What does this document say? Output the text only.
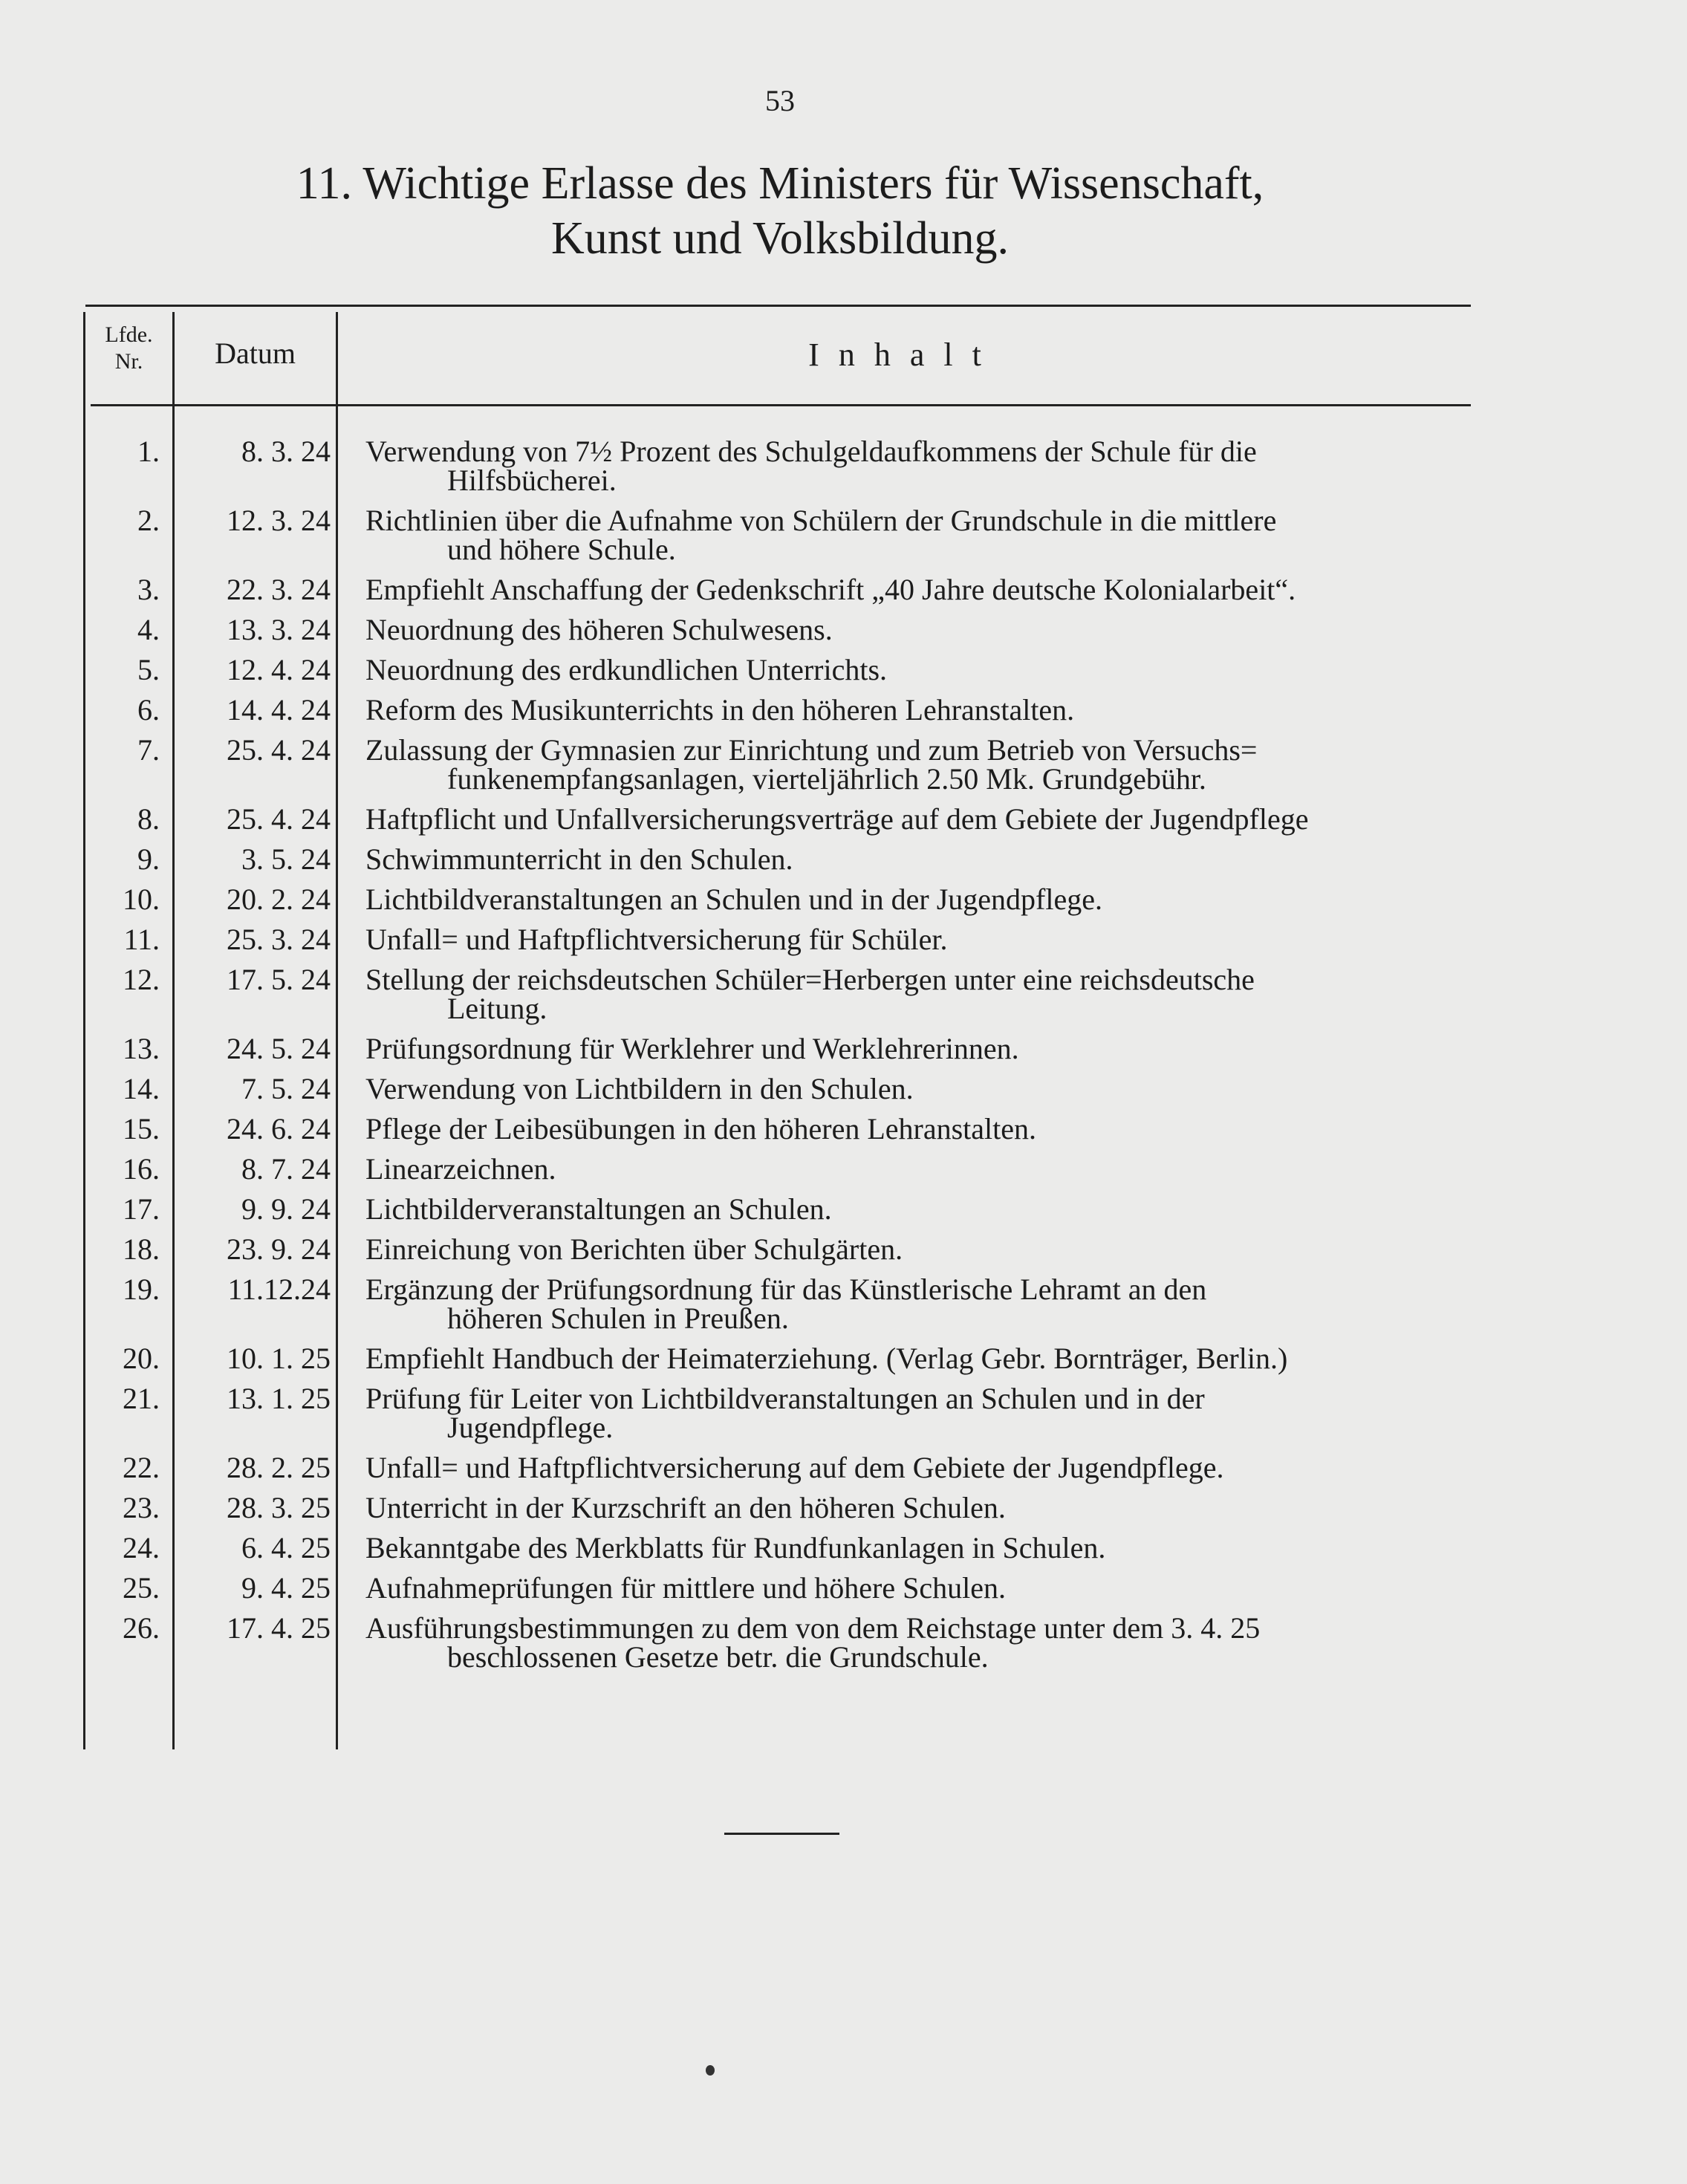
53
11. Wichtige Erlasse des Ministers für Wissenschaft,
Kunst und Volksbildung.
Lfde.
Nr.	Datum	Inhalt
1.	8. 3. 24 Verwendung von 7½ Prozent des Schulgeldaufkommens der Schule für die
Hilfsbücherei.
2.	12. 3. 24 Richtlinien über die Aufnahme von Schülern der Grundschule in die mittlere
und höhere Schule.
3.	22. 3. 24 Empfiehlt Anschaffung der Gedenkschrift „40 Jahre deutsche Kolonialarbeit“.
4.	13. 3. 24 Neuordnung des höheren Schulwesens.
5.	12. 4. 24 Neuordnung des erdkundlichen Unterrichts.
6.	14. 4. 24 Reform des Musikunterrichts in den höheren Lehranstalten.
7.	25. 4. 24 Zulassung der Gymnasien zur Einrichtung und zum Betrieb von Versuchs=
funkenempfangsanlagen, vierteljährlich 2.50 Mk. Grundgebühr.
8.	25. 4. 24 Haftpflicht und Unfallversicherungsverträge auf dem Gebiete der Jugendpflege
9.	3. 5. 24 Schwimmunterricht in den Schulen.
10.	20. 2. 24 Lichtbildveranstaltungen an Schulen und in der Jugendpflege.
11.	25. 3. 24 Unfall= und Haftpflichtversicherung für Schüler.
12.	17. 5. 24 Stellung der reichsdeutschen Schüler=Herbergen unter eine reichsdeutsche
Leitung.
13.	24. 5. 24 Prüfungsordnung für Werklehrer und Werklehrerinnen.
14.	7. 5. 24 Verwendung von Lichtbildern in den Schulen.
15.	24. 6. 24 Pflege der Leibesübungen in den höheren Lehranstalten.
16.	8. 7. 24 Linearzeichnen.
17.	9. 9. 24 Lichtbilderveranstaltungen an Schulen.
18.	23. 9. 24 Einreichung von Berichten über Schulgärten.
19.	11.12.24 Ergänzung der Prüfungsordnung für das Künstlerische Lehramt an den
höheren Schulen in Preußen.
20.	10. 1. 25 Empfiehlt Handbuch der Heimaterziehung. (Verlag Gebr. Bornträger, Berlin.)
21.	13. 1. 25 Prüfung für Leiter von Lichtbildveranstaltungen an Schulen und in der
Jugendpflege.
22.	28. 2. 25 Unfall= und Haftpflichtversicherung auf dem Gebiete der Jugendpflege.
23.	28. 3. 25 Unterricht in der Kurzschrift an den höheren Schulen.
24.	6. 4. 25 Bekanntgabe des Merkblatts für Rundfunkanlagen in Schulen.
25.	9. 4. 25 Aufnahmeprüfungen für mittlere und höhere Schulen.
26.	17. 4. 25 Ausführungsbestimmungen zu dem von dem Reichstage unter dem 3. 4. 25
beschlossenen Gesetze betr. die Grundschule.
